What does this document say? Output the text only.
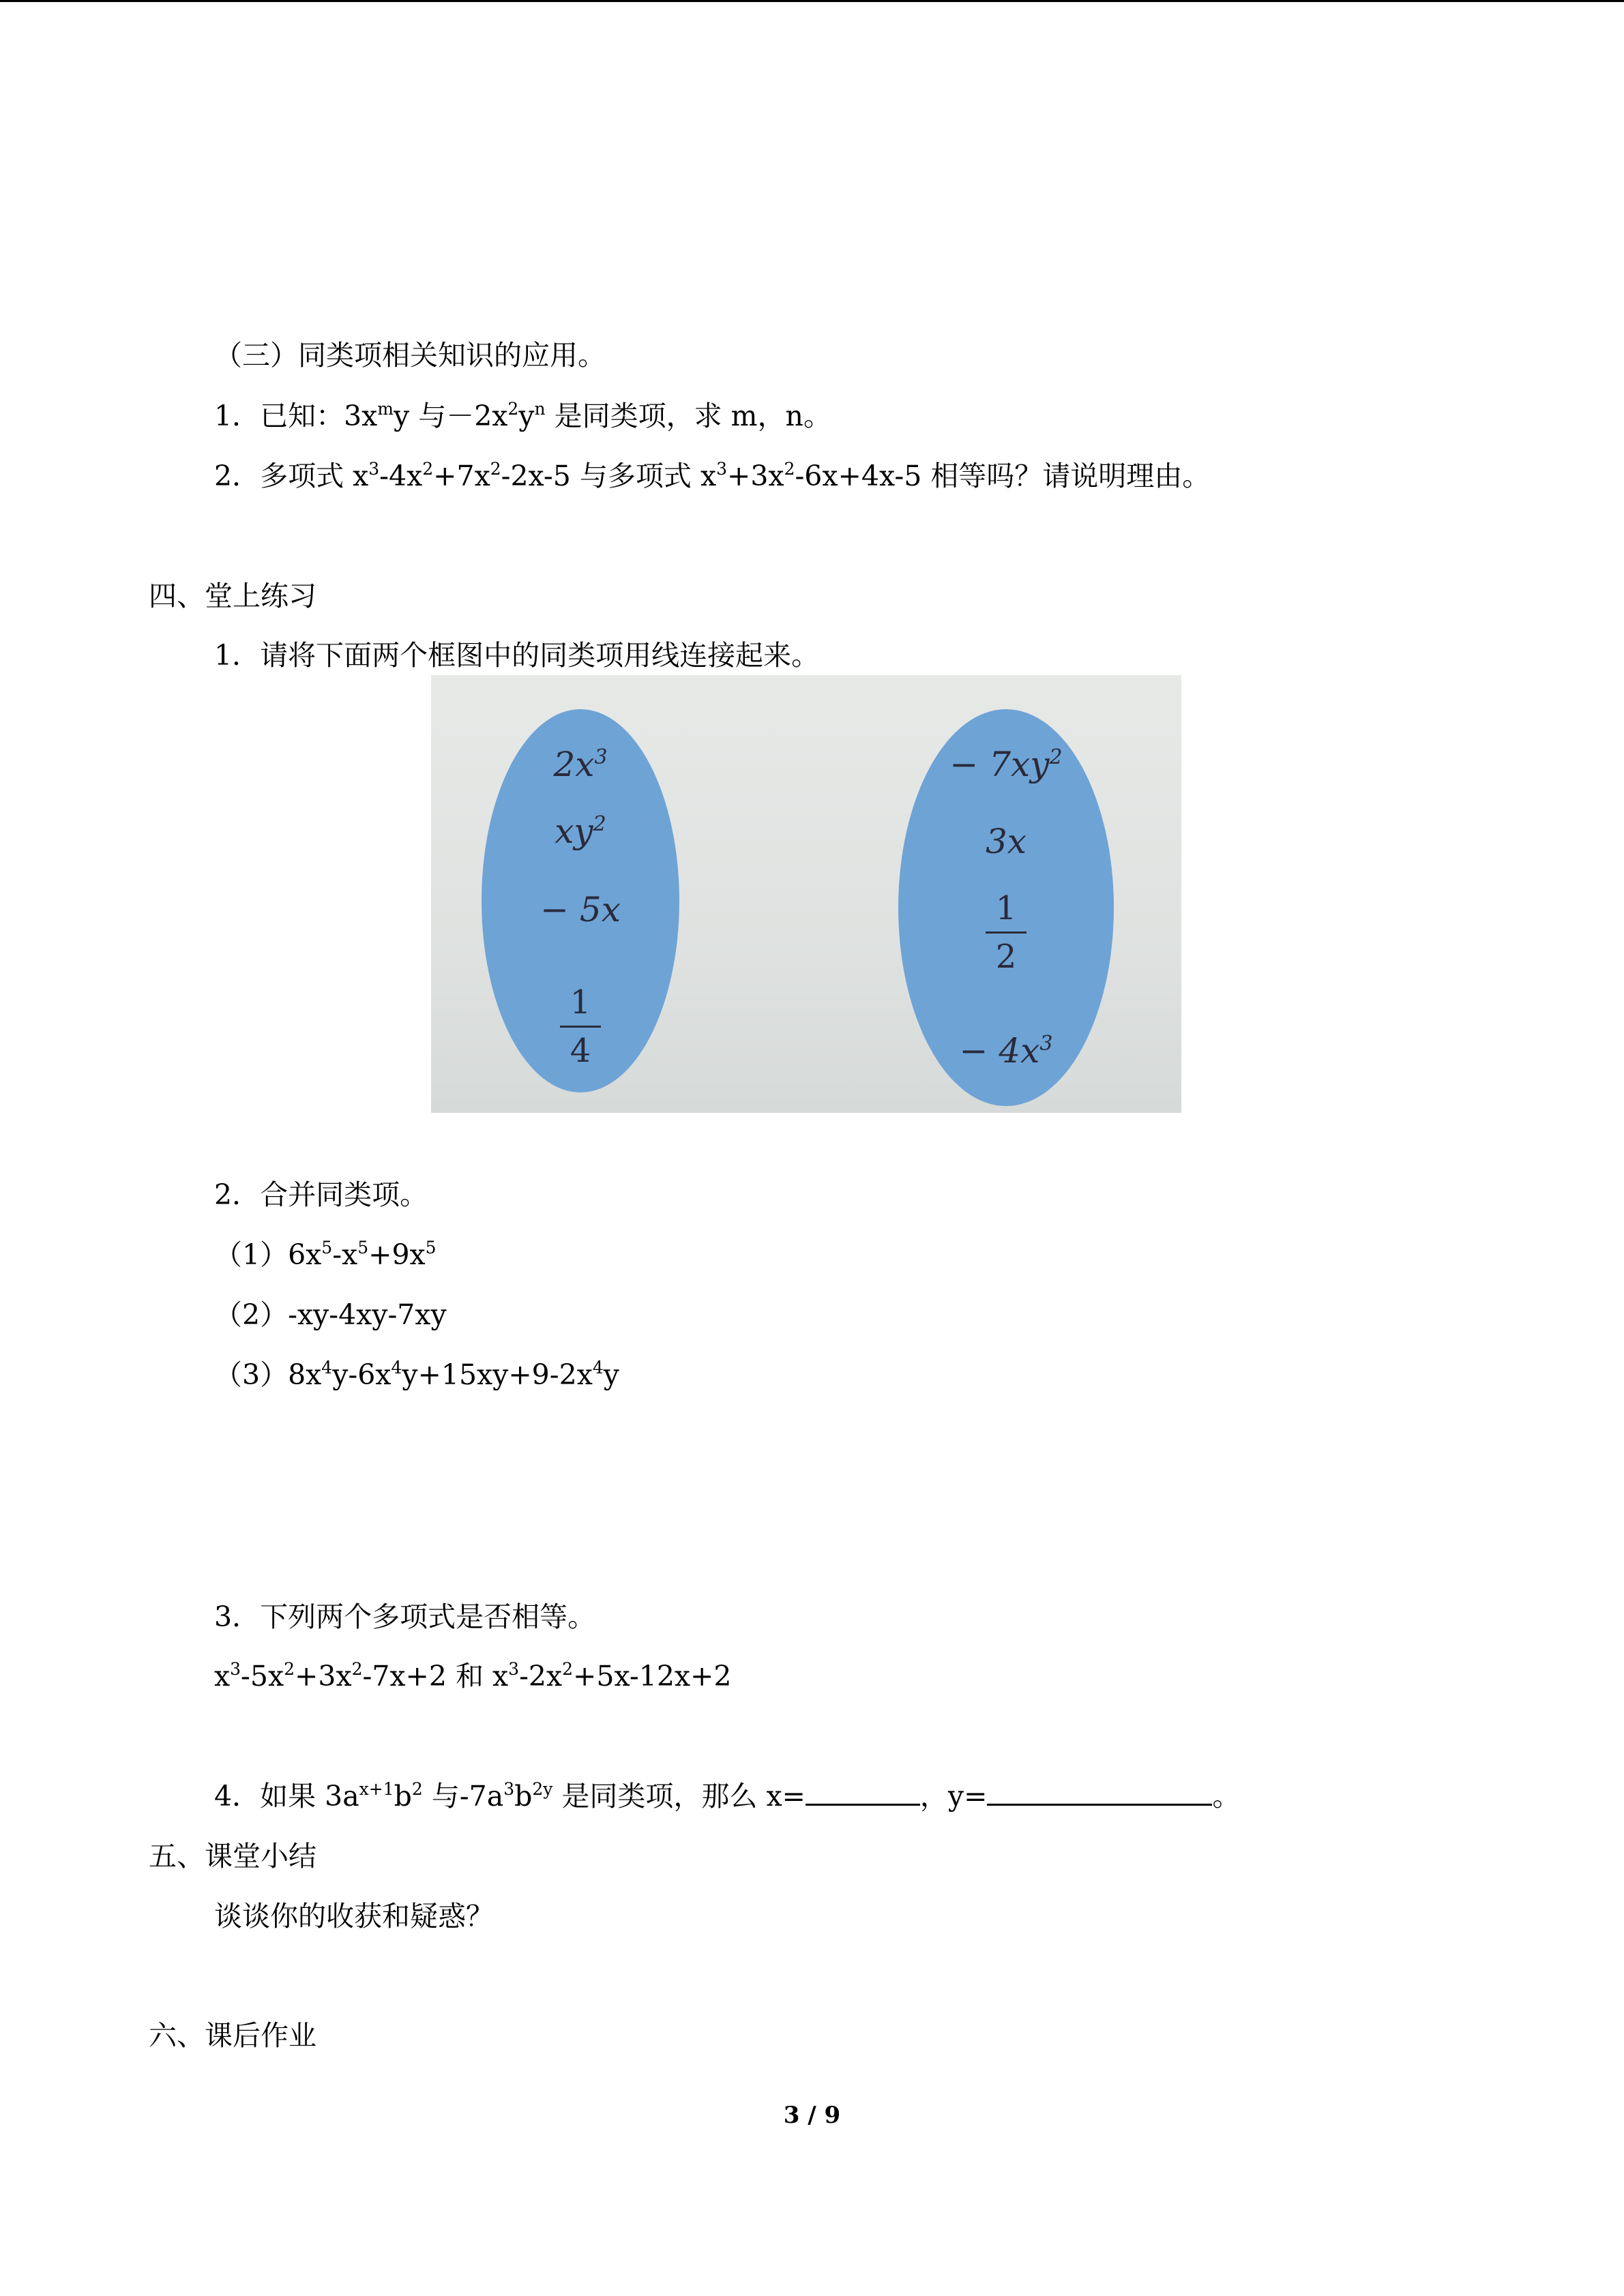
（三）同类项相关知识的应用。
1．已知：$3x^my$ 与$-2x^2y^n$ 是同类项，求 m，n。
2．多项式 $x^3-4x^2+7x^2-2x-5$ 与多项式 $x^3+3x^2-6x+4x-5$ 相等吗？请说明理由。
四、堂上练习
1．请将下面两个框图中的同类项用线连接起来。
$2x^3$
$xy^2$
− 5x
1
4
− $7xy^2$
3x
1
2
− $4x^3$
2．合并同类项。
$(1)6x^5-x^5+9x^5$
（2）-xy-4xy-7xy
$(3)8x^4y-6x^4y+15xy+9-2x^4y$
3．下列两个多项式是否相等。
$x^3-5x^2+3x^2-7x+2$ 和 $x^3-2x^2+5x-12x+2$
4．如果 $3a^{x+1}b^2$ 与$-7a^3b^{2y}$ 是同类项，那么 x=	，y=	。
五、课堂小结
谈谈你的收获和疑惑？
六、课后作业
3 / 9
